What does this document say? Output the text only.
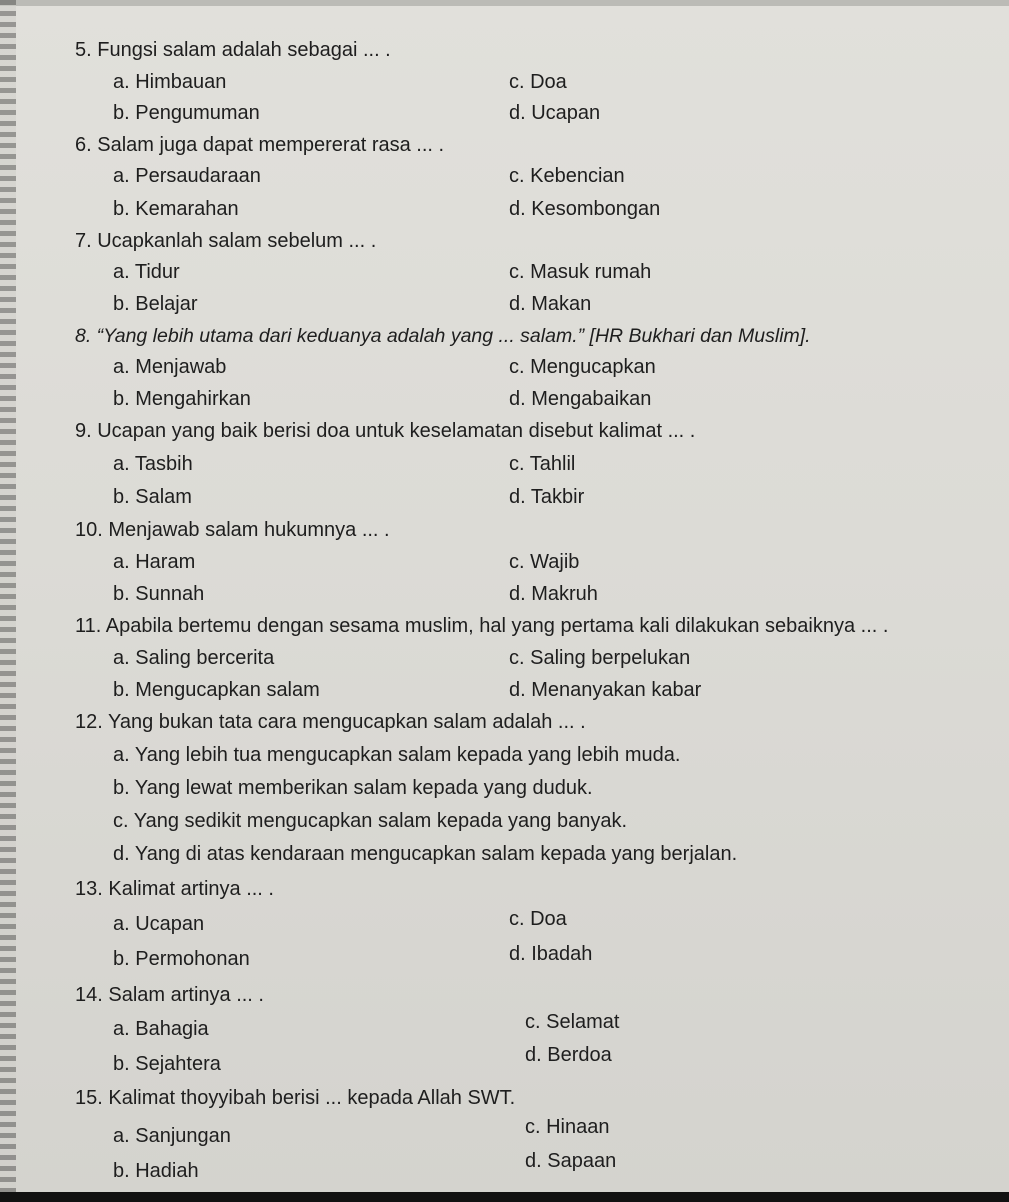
5. Fungsi salam adalah sebagai ... .
a. Himbauan	c. Doa
b. Pengumuman	d. Ucapan
6. Salam juga dapat mempererat rasa ... .
a. Persaudaraan	c. Kebencian
b. Kemarahan	d. Kesombongan
7. Ucapkanlah salam sebelum ... .
a. Tidur	c. Masuk rumah
b. Belajar	d. Makan
8. “Yang lebih utama dari keduanya adalah yang ... salam.” [HR Bukhari dan Muslim].
a. Menjawab	c. Mengucapkan
b. Mengahirkan	d. Mengabaikan
9. Ucapan yang baik berisi doa untuk keselamatan disebut kalimat ... .
a. Tasbih	c. Tahlil
b. Salam	d. Takbir
10. Menjawab salam hukumnya ... .
a. Haram	c. Wajib
b. Sunnah	d. Makruh
11. Apabila bertemu dengan sesama muslim, hal yang pertama kali dilakukan sebaiknya ... .
a. Saling bercerita	c. Saling berpelukan
b. Mengucapkan salam	d. Menanyakan kabar
12. Yang bukan tata cara mengucapkan salam adalah ... .
a. Yang lebih tua mengucapkan salam kepada yang lebih muda.
b. Yang lewat memberikan salam kepada yang duduk.
c. Yang sedikit mengucapkan salam kepada yang banyak.
d. Yang di atas kendaraan mengucapkan salam kepada yang berjalan.
13. Kalimat artinya ... .
a. Ucapan	c. Doa
b. Permohonan	d. Ibadah
14. Salam artinya ... .
a. Bahagia	c. Selamat
b. Sejahtera	d. Berdoa
15. Kalimat thoyyibah berisi ... kepada Allah SWT.
a. Sanjungan	c. Hinaan
b. Hadiah	d. Sapaan
